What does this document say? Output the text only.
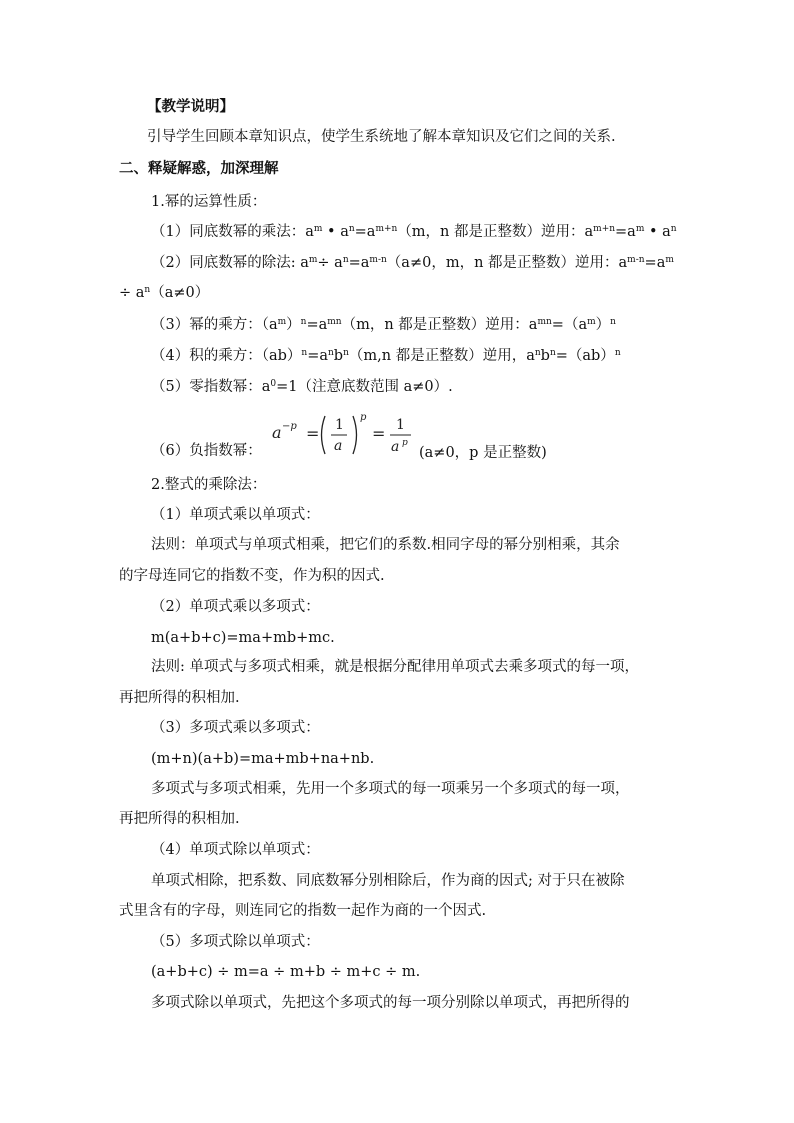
【教学说明】
引导学生回顾本章知识点，使学生系统地了解本章知识及它们之间的关系.
二、释疑解惑，加深理解
1.幂的运算性质：
（1）同底数幂的乘法：$a^m$ • $a^n=a^{m+n}(m$，n 都是正整数）逆用：$a^{m+n}=a^m$ • $a^n$
（2）同底数幂的除法: $a^m\div a^n=a^{m-n}(a\ne 0$，m，n 都是正整数）逆用：$a^{m-n}=a^m$
÷ $a^n(a\ne 0)$
（3）幂的乘方：$(a^m)^n=a^{mn}(m$，n 都是正整数）逆用：$a^{mn}=(a^m)^n$
（4）积的乘方：$(ab)^n=a^nb^n(m,n$ 都是正整数）逆用，$a^nb^n=(ab)^n$
（5）零指数幂：$a^0=1$（注意底数范围 a≠0）.
（6）负指数幂：
a −p = 1
a
p
= 1
a p
(a≠0，p 是正整数)
2.整式的乘除法：
（1）单项式乘以单项式：
法则：单项式与单项式相乘，把它们的系数.相同字母的幂分别相乘，其余
的字母连同它的指数不变，作为积的因式.
（2）单项式乘以多项式：
m(a+b+c)=ma+mb+mc.
法则: 单项式与多项式相乘，就是根据分配律用单项式去乘多项式的每一项，
再把所得的积相加.
（3）多项式乘以多项式：
(m+n)(a+b)=ma+mb+na+nb.
多项式与多项式相乘，先用一个多项式的每一项乘另一个多项式的每一项，
再把所得的积相加.
（4）单项式除以单项式：
单项式相除，把系数、同底数幂分别相除后，作为商的因式; 对于只在被除
式里含有的字母，则连同它的指数一起作为商的一个因式.
（5）多项式除以单项式：
(a+b+c) ÷ m=a ÷ m+b ÷ m+c ÷ m.
多项式除以单项式，先把这个多项式的每一项分别除以单项式，再把所得的
